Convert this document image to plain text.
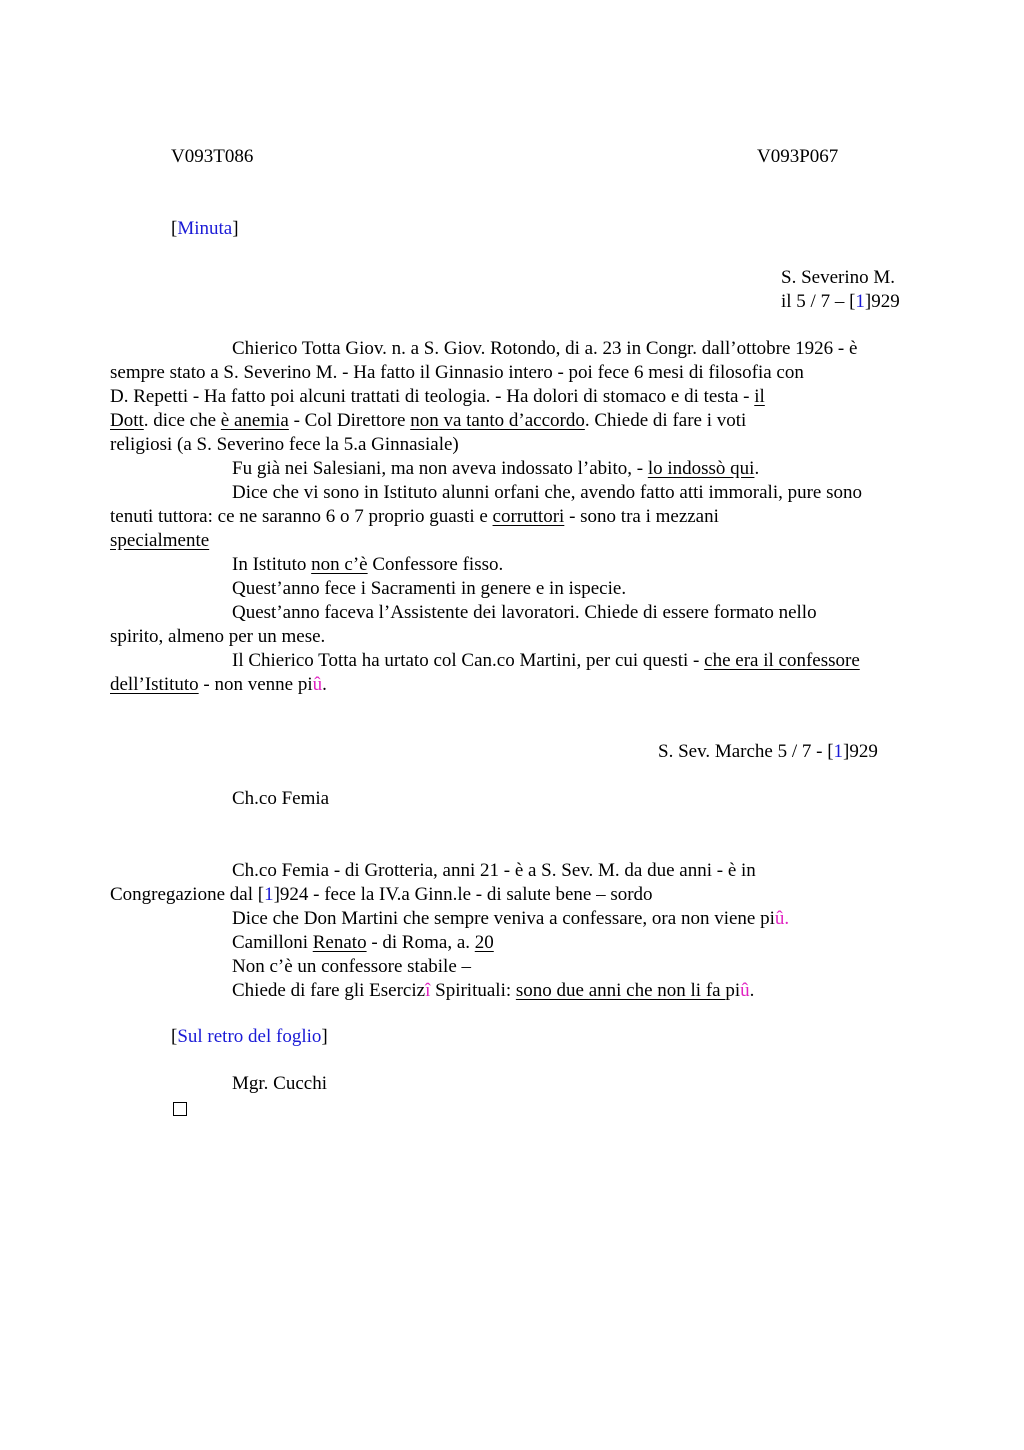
V093T086	V093P067
[Minuta]
S. Severino M.
il 5 / 7 – [1]929

Chierico Totta Giov. n. a S. Giov. Rotondo, di a. 23 in Congr. dall’ottobre 1926 - è
sempre stato a S. Severino M. - Ha fatto il Ginnasio intero - poi fece 6 mesi di filosofia con
D. Repetti - Ha fatto poi alcuni trattati di teologia. - Ha dolori di stomaco e di testa - il
Dott. dice che è anemia - Col Direttore non va tanto d’accordo. Chiede di fare i voti
religiosi (a S. Severino fece la 5.a Ginnasiale)

Fu già nei Salesiani, ma non aveva indossato l’abito, - lo indossò qui.

Dice che vi sono in Istituto alunni orfani che, avendo fatto atti immorali, pure sono
tenuti tuttora: ce ne saranno 6 o 7 proprio guasti e corruttori - sono tra i mezzani
specialmente

In Istituto non c’è Confessore fisso.

Quest’anno fece i Sacramenti in genere e in ispecie.

Quest’anno faceva l’Assistente dei lavoratori. Chiede di essere formato nello
spirito, almeno per un mese.

Il Chierico Totta ha urtato col Can.co Martini, per cui questi - che era il confessore
dell’Istituto - non venne piû.

S. Sev. Marche 5 / 7 - [1]929
Ch.co Femia

Ch.co Femia - di Grotteria, anni 21 - è a S. Sev. M. da due anni - è in
Congregazione dal [1]924 - fece la IV.a Ginn.le - di salute bene – sordo

Dice che Don Martini che sempre veniva a confessare, ora non viene piû.

Camilloni Renato - di Roma, a. 20

Non c’è un confessore stabile –

Chiede di fare gli Esercizî Spirituali: sono due anni che non li fa piû.

[Sul retro del foglio]
Mgr. Cucchi
